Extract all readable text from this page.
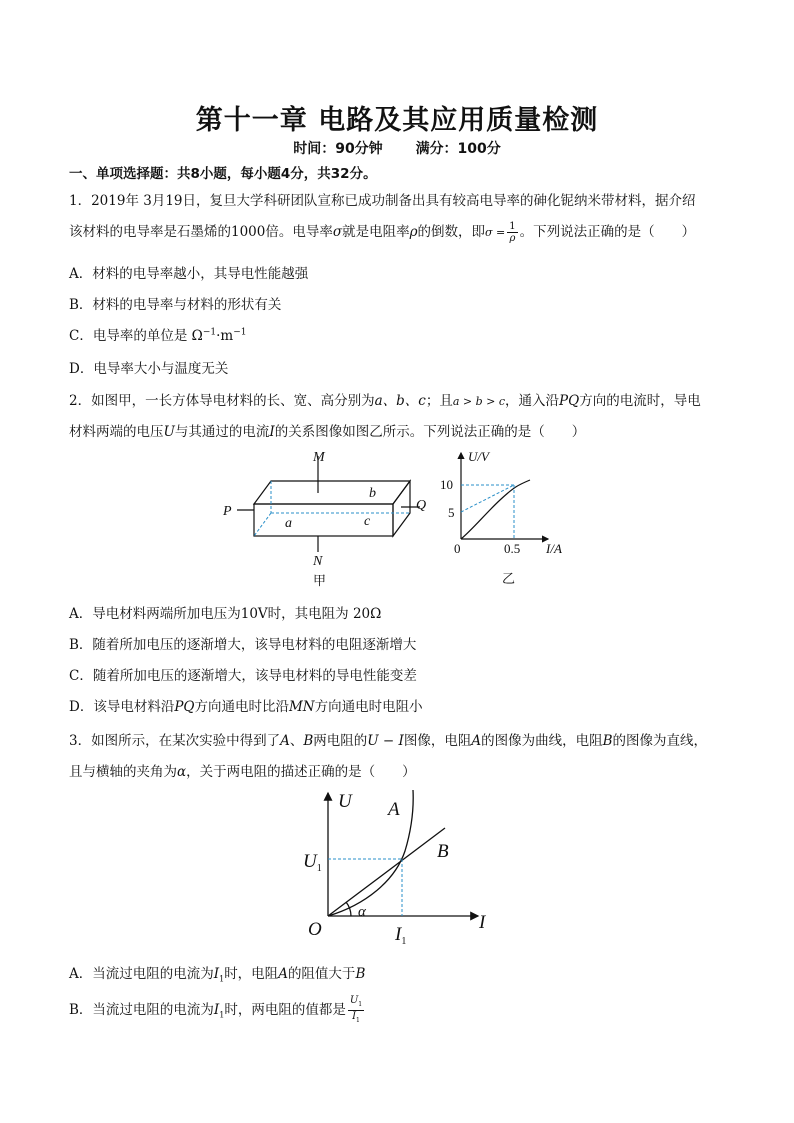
第十一章 电路及其应用质量检测
时间：90分钟 满分：100分
一、单项选择题：共8小题，每小题4分，共32分。
1．2019年 3月19日，复旦大学科研团队宣称已成功制备出具有较高电导率的砷化铌纳米带材料，据介绍
该材料的电导率是石墨烯的1000倍。电导率σ就是电阻率ρ的倒数，即$\sigma = \frac{1}{\rho}$ 。下列说法正确的是（　　）
A．材料的电导率越小，其导电性能越强
B．材料的电导率与材料的形状有关
C．电导率的单位是 $\Omega^{-1}\cdot m^{-1}$
D．电导率大小与温度无关
2．如图甲，一长方体导电材料的长、宽、高分别为a、b、c；且a > b > c，通入沿PQ方向的电流时，导电
材料两端的电压U与其通过的电流I的关系图像如图乙所示。下列说法正确的是（　　）
M
N
P	Q
a
b
c
甲
U/V
10
5
0	0.5 I/A
乙
A．导电材料两端所加电压为10V时，其电阻为 20Ω
B．随着所加电压的逐渐增大，该导电材料的电阻逐渐增大
C．随着所加电压的逐渐增大，该导电材料的导电性能变差
D．该导电材料沿PQ方向通电时比沿MN方向通电时电阻小
3．如图所示，在某次实验中得到了A、B两电阻的U − I图像，电阻A的图像为曲线，电阻B的图像为直线，
且与横轴的夹角为α，关于两电阻的描述正确的是（　　）
U A
B
I
O
α
$U_1$
$I_1$
A．当流过电阻的电流为$I_1$时，电阻A的阻值大于B
B．当流过电阻的电流为$I_1$时，两电阻的值都是 $\frac{U_1}{I_1}$
